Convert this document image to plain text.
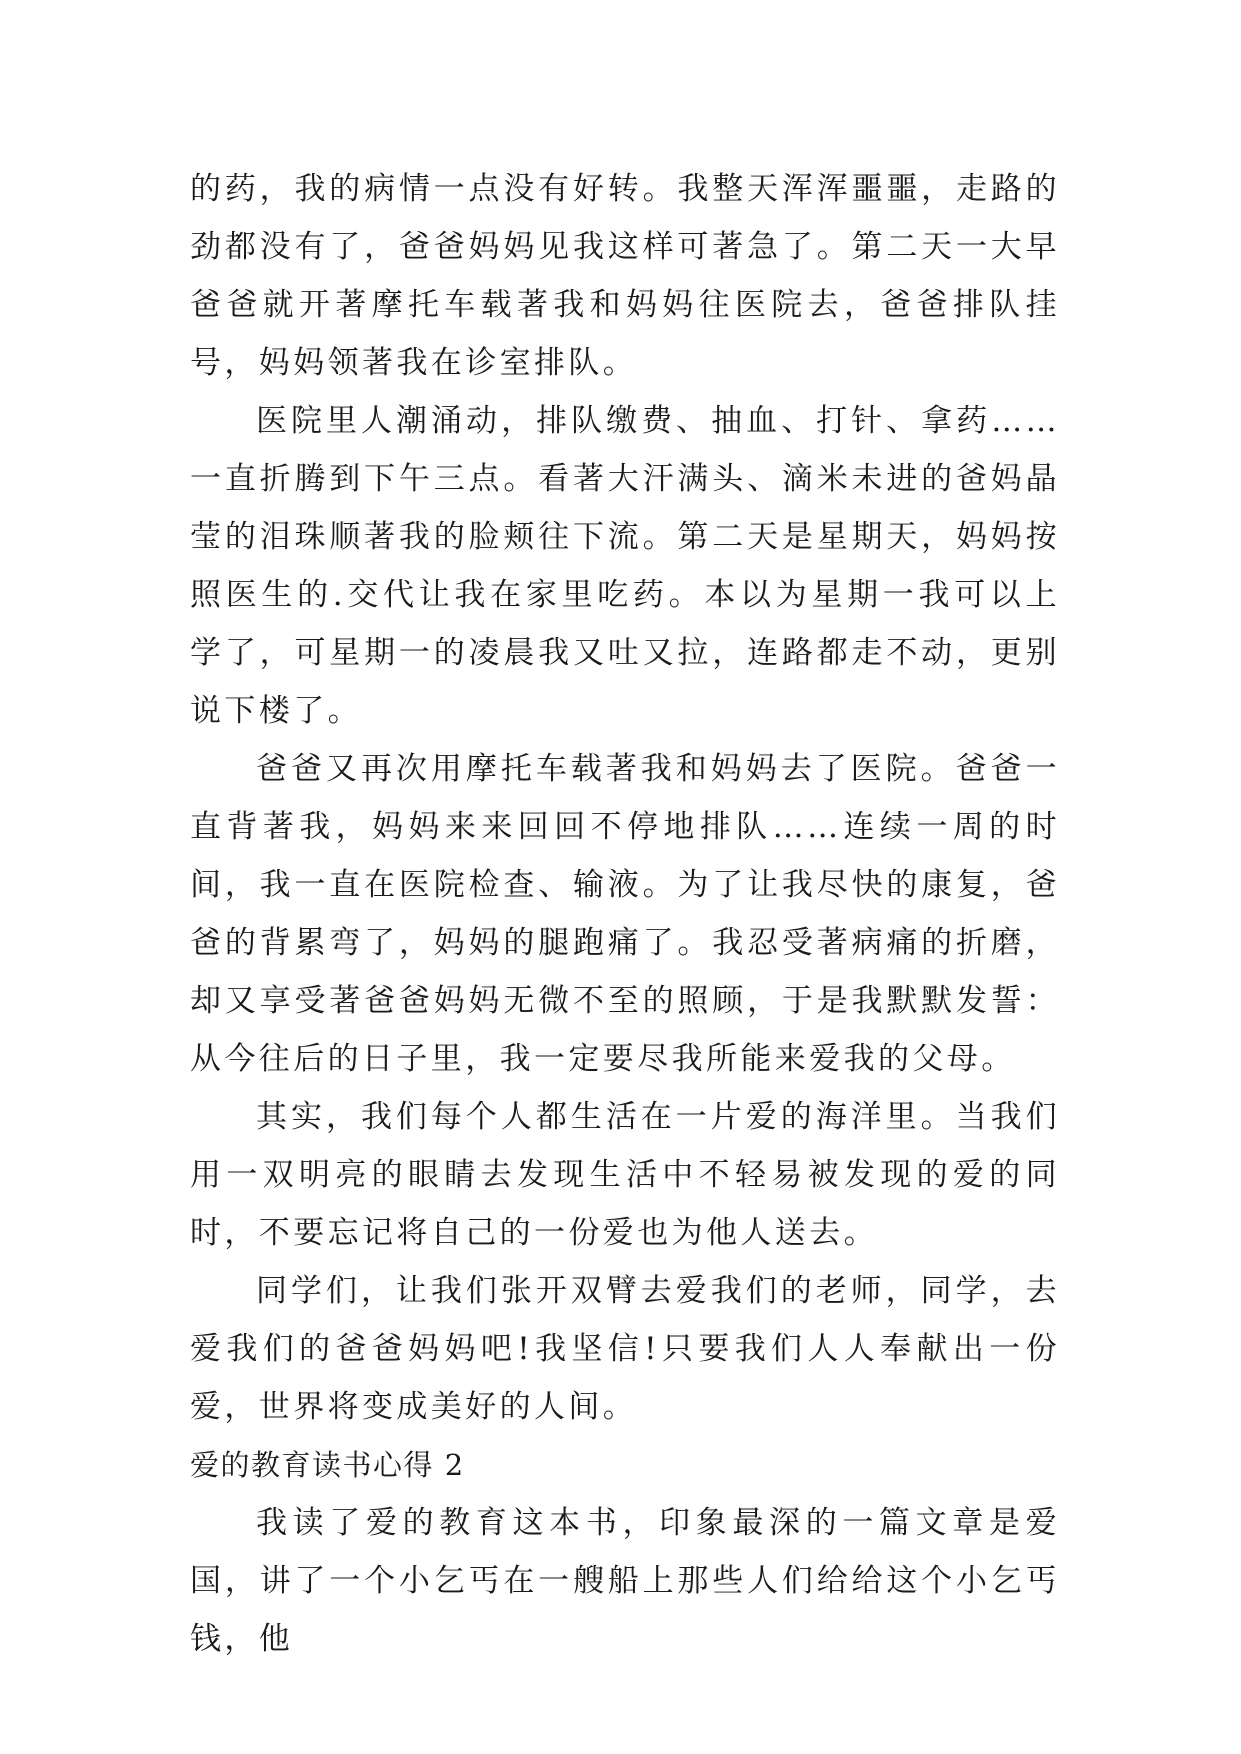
的药，我的病情一点没有好转。我整天浑浑噩噩，走路的劲都没有了，爸爸妈妈见我这样可著急了。第二天一大早爸爸就开著摩托车载著我和妈妈往医院去，爸爸排队挂号，妈妈领著我在诊室排队。

医院里人潮涌动，排队缴费、抽血、打针、拿药……一直折腾到下午三点。看著大汗满头、滴米未进的爸妈晶莹的泪珠顺著我的脸颊往下流。第二天是星期天，妈妈按照医生的.交代让我在家里吃药。本以为星期一我可以上学了，可星期一的凌晨我又吐又拉，连路都走不动，更别说下楼了。

爸爸又再次用摩托车载著我和妈妈去了医院。爸爸一直背著我，妈妈来来回回不停地排队……连续一周的时间，我一直在医院检查、输液。为了让我尽快的康复，爸爸的背累弯了，妈妈的腿跑痛了。我忍受著病痛的折磨，却又享受著爸爸妈妈无微不至的照顾，于是我默默发誓：从今往后的日子里，我一定要尽我所能来爱我的父母。

其实，我们每个人都生活在一片爱的海洋里。当我们用一双明亮的眼睛去发现生活中不轻易被发现的爱的同时，不要忘记将自己的一份爱也为他人送去。

同学们，让我们张开双臂去爱我们的老师，同学，去爱我们的爸爸妈妈吧!我坚信!只要我们人人奉献出一份爱，世界将变成美好的人间。

爱的教育读书心得 2

我读了爱的教育这本书，印象最深的一篇文章是爱国，讲了一个小乞丐在一艘船上那些人们给给这个小乞丐钱，他
